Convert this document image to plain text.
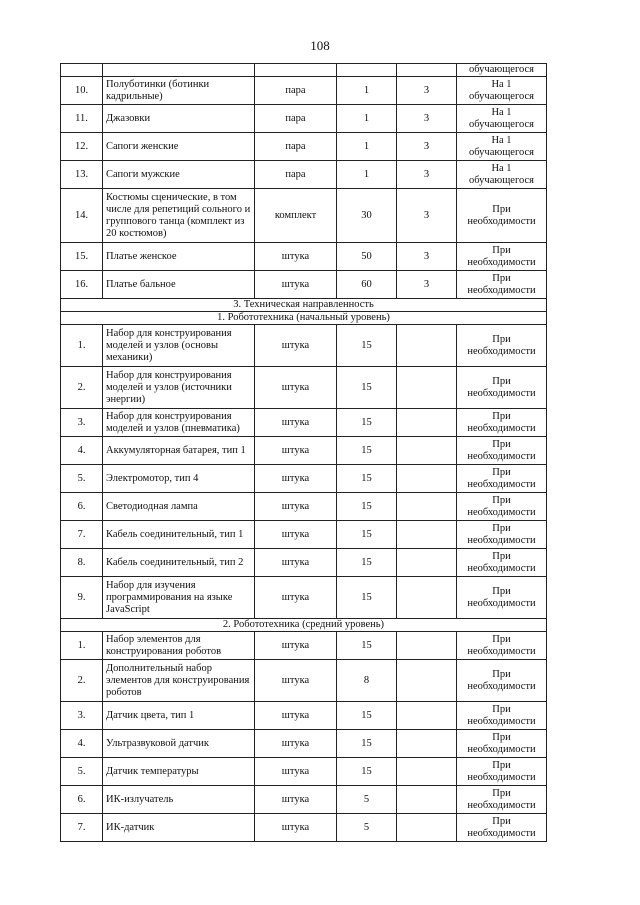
108
					обучающегося
10.	Полуботинки (ботинки кадрильные)	пара	1	3	На 1 обучающегося
11.	Джазовки	пара	1	3	На 1 обучающегося
12.	Сапоги женские	пара	1	3	На 1 обучающегося
13.	Сапоги мужские	пара	1	3	На 1 обучающегося
14.	Костюмы сценические, в том числе для репетиций сольного и группового танца (комплект из 20 костюмов)	комплект	30	3	При необходимости
15.	Платье женское	штука	50	3	При необходимости
16.	Платье бальное	штука	60	3	При необходимости
3. Техническая направленность					
1. Робототехника (начальный уровень)					
1.	Набор для конструирования моделей и узлов (основы механики)	штука	15		При необходимости
2.	Набор для конструирования моделей и узлов (источники энергии)	штука	15		При необходимости
3.	Набор для конструирования моделей и узлов (пневматика)	штука	15		При необходимости
4.	Аккумуляторная батарея, тип 1	штука	15		При необходимости
5.	Электромотор, тип 4	штука	15		При необходимости
6.	Светодиодная лампа	штука	15		При необходимости
7.	Кабель соединительный, тип 1	штука	15		При необходимости
8.	Кабель соединительный, тип 2	штука	15		При необходимости
9.	Набор для изучения программирования на языке JavaScript	штука	15		При необходимости
2. Робототехника (средний уровень)					
1.	Набор элементов для конструирования роботов	штука	15		При необходимости
2.	Дополнительный набор элементов для конструирования роботов	штука	8		При необходимости
3.	Датчик цвета, тип 1	штука	15		При необходимости
4.	Ультразвуковой датчик	штука	15		При необходимости
5.	Датчик температуры	штука	15		При необходимости
6.	ИК-излучатель	штука	5		При необходимости
7.	ИК-датчик	штука	5		При необходимости
